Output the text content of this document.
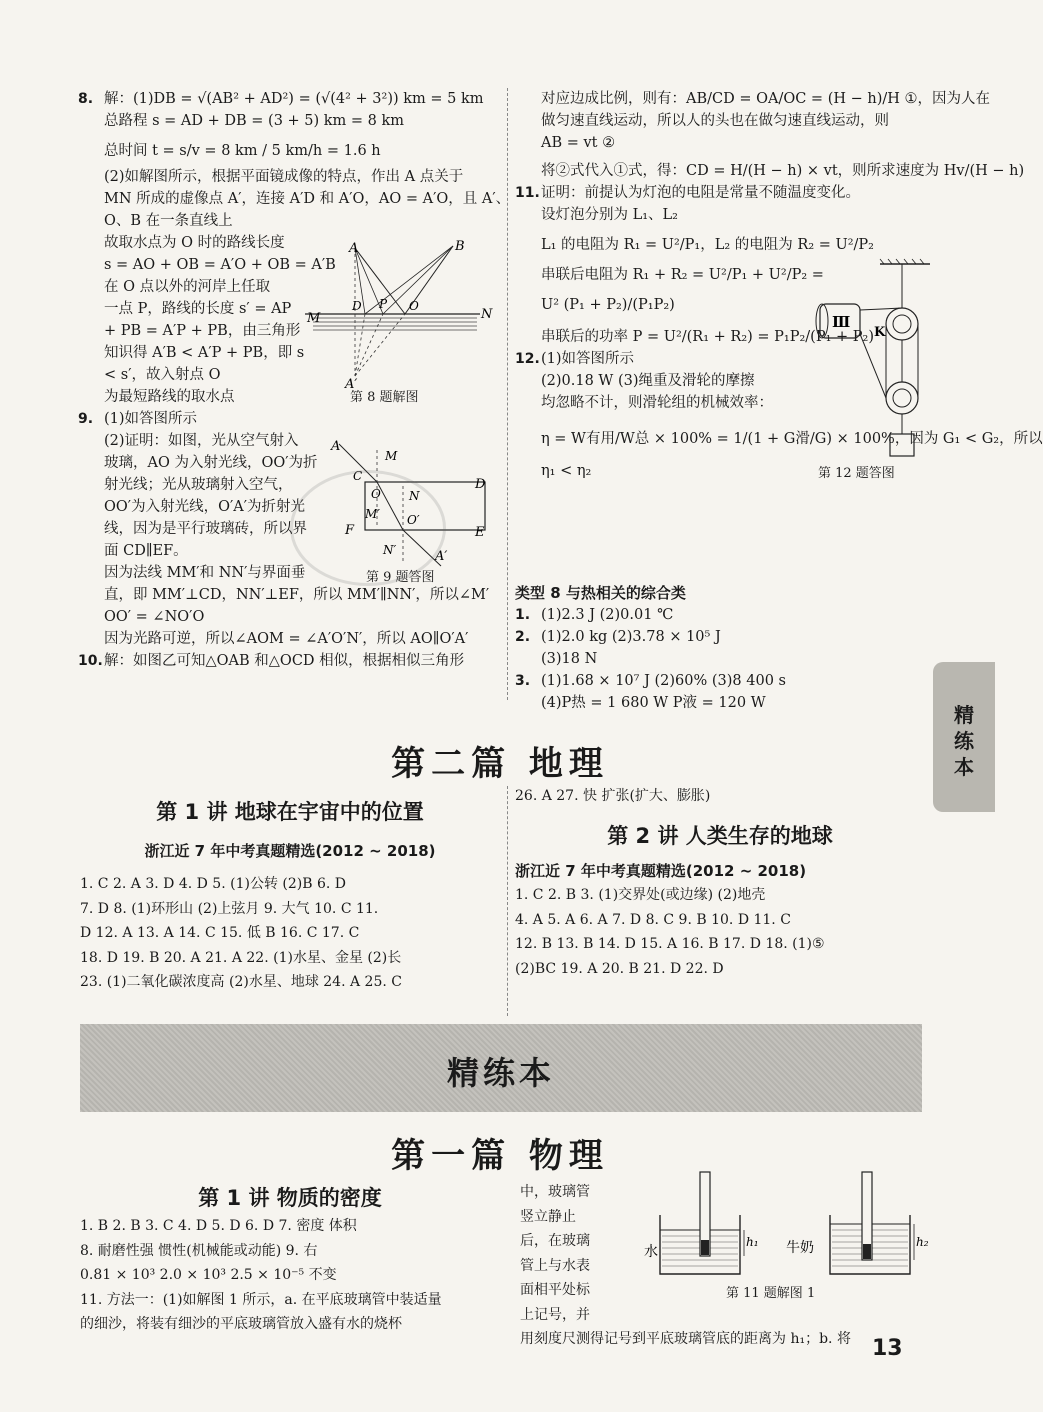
8. 解：(1)DB = √(AB² + AD²) = (√(4² + 3²)) km = 5 km
总路程 s = AD + DB = (3 + 5) km = 8 km
总时间 t = s/v = 8 km / 5 km/h = 1.6 h
(2)如解图所示，根据平面镜成像的特点，作出 A 点关于
MN 所成的虚像点 A′，连接 A′D 和 A′O，AO = A′O，且 A′、
O、B 在一条直线上
故取水点为 O 时的路线长度
s = AO + OB = A′O + OB = A′B
在 O 点以外的河岸上任取
一点 P，路线的长度 s′ = AP
+ PB = A′P + PB，由三角形
知识得 A′B < A′P + PB，即 s
< s′，故入射点 O
为最短路线的取水点
9. (1)如答图所示
(2)证明：如图，光从空气射入
玻璃，AO 为入射光线，OO′为折
射光线；光从玻璃射入空气，
OO′为入射光线，O′A′为折射光
线，因为是平行玻璃砖，所以界
面 CD∥EF。
因为法线 MM′和 NN′与界面垂
直，即 MM′⊥CD，NN′⊥EF，所以 MM′∥NN′，所以∠M′
OO′ = ∠NO′O
因为光路可逆，所以∠AOM = ∠A′O′N′，所以 AO∥O′A′
10.解：如图乙可知△OAB 和△OCD 相似，根据相似三角形
A	B
M	N
D P O
A′
第 8 题解图
A
M
O N
D
M′ O′
F	E
N′	A′
C
第 9 题答图
对应边成比例，则有：AB/CD = OA/OC = (H − h)/H ①，因为人在
做匀速直线运动，所以人的头也在做匀速直线运动，则
AB = vt ②
将②式代入①式，得：CD = H/(H − h) × vt，则所求速度为 Hv/(H − h)
11.证明：前提认为灯泡的电阻是常量不随温度变化。
设灯泡分别为 L₁、L₂
L₁ 的电阻为 R₁ = U²/P₁，L₂ 的电阻为 R₂ = U²/P₂
串联后电阻为 R₁ + R₂ = U²/P₁ + U²/P₂ =
U² (P₁ + P₂)/(P₁P₂)
串联后的功率 P = U²/(R₁ + R₂) = P₁P₂/(P₁ + P₂)
12.(1)如答图所示
(2)0.18 W (3)绳重及滑轮的摩擦
均忽略不计，则滑轮组的机械效率：
η = W有用/W总 × 100% = 1/(1 + G滑/G) × 100%，因为 G₁ < G₂，所以
η₁ < η₂
Ⅲ
K
第 12 题答图
类型 8 与热相关的综合类
1. (1)2.3 J (2)0.01 ℃
2. (1)2.0 kg (2)3.78 × 10⁵ J
(3)18 N
3. (1)1.68 × 10⁷ J (2)60% (3)8 400 s
(4)P热 = 1 680 W P液 = 120 W
第二篇 地理
第 1 讲 地球在宇宙中的位置
浙江近 7 年中考真题精选(2012 ~ 2018)
1. C 2. A 3. D 4. D 5. (1)公转 (2)B 6. D
7. D 8. (1)环形山 (2)上弦月 9. 大气 10. C 11.
D 12. A 13. A 14. C 15. 低 B 16. C 17. C
18. D 19. B 20. A 21. A 22. (1)水星、金星 (2)长
23. (1)二氧化碳浓度高 (2)水星、地球 24. A 25. C
26. A 27. 快 扩张(扩大、膨胀)
第 2 讲 人类生存的地球
浙江近 7 年中考真题精选(2012 ~ 2018)
1. C 2. B 3. (1)交界处(或边缘) (2)地壳
4. A 5. A 6. A 7. D 8. C 9. B 10. D 11. C
12. B 13. B 14. D 15. A 16. B 17. D 18. (1)⑤
(2)BC 19. A 20. B 21. D 22. D
精练本
第一篇 物理
第 1 讲 物质的密度
1. B 2. B 3. C 4. D 5. D 6. D 7. 密度 体积
8. 耐磨性强 惯性(机械能或动能) 9. 右
0.81 × 10³ 2.0 × 10³ 2.5 × 10⁻⁵ 不变
11. 方法一：(1)如解图 1 所示，a. 在平底玻璃管中装适量
的细沙，将装有细沙的平底玻璃管放入盛有水的烧杯
中，玻璃管
竖立静止
后，在玻璃
管上与水表
面相平处标
上记号，并
用刻度尺测得记号到平底玻璃管底的距离为 h₁；b. 将
h₁
水
h₂
牛奶
第 11 题解图 1
精练本
13
